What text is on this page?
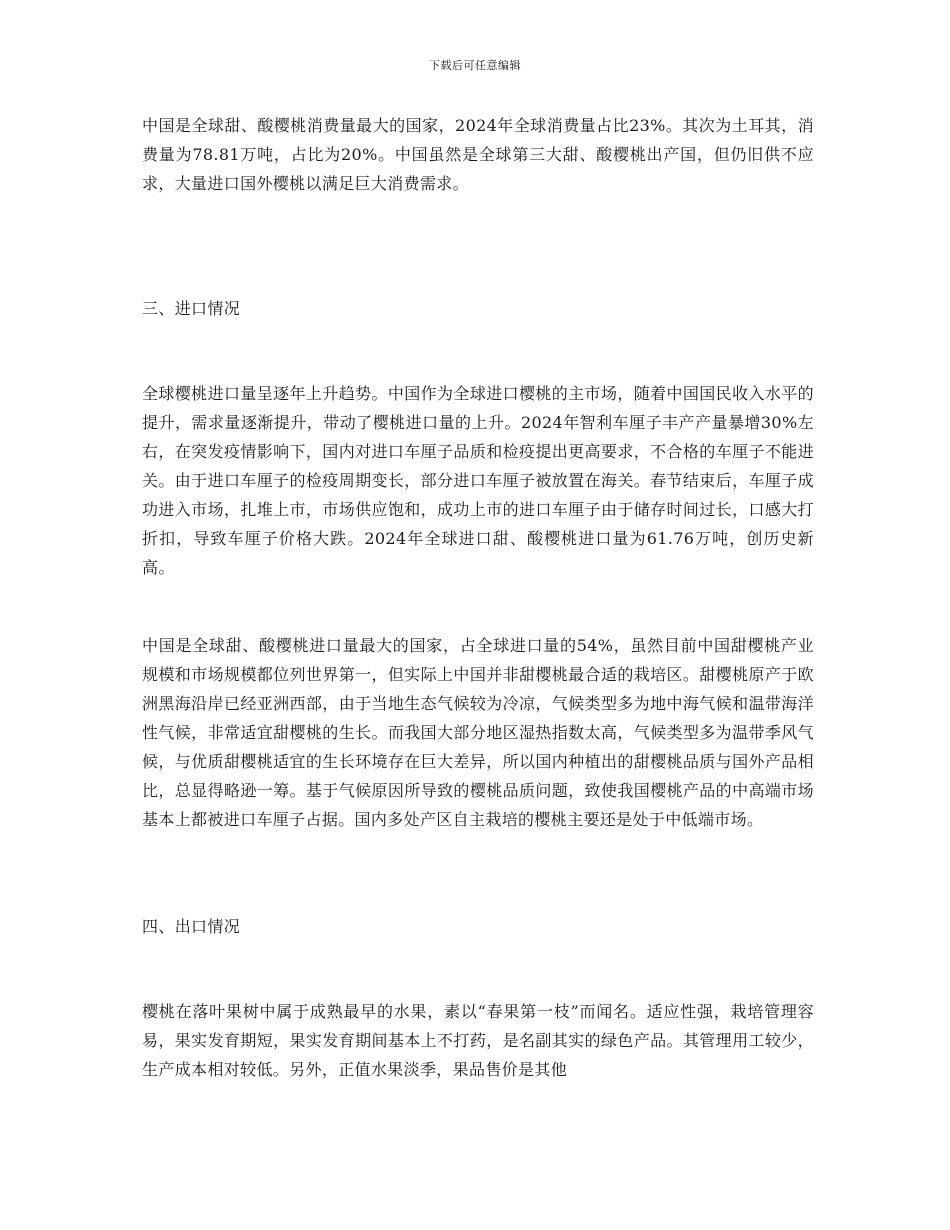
下载后可任意编辑

中国是全球甜、酸樱桃消费量最大的国家，2024年全球消费量占比23%。其次为土耳其，消费量为78.81万吨，占比为20%。中国虽然是全球第三大甜、酸樱桃出产国，但仍旧供不应求，大量进口国外樱桃以满足巨大消费需求。

三、进口情况

全球樱桃进口量呈逐年上升趋势。中国作为全球进口樱桃的主市场，随着中国国民收入水平的提升，需求量逐渐提升，带动了樱桃进口量的上升。2024年智利车厘子丰产产量暴增30%左右，在突发疫情影响下，国内对进口车厘子品质和检疫提出更高要求，不合格的车厘子不能进关。由于进口车厘子的检疫周期变长，部分进口车厘子被放置在海关。春节结束后，车厘子成功进入市场，扎堆上市，市场供应饱和，成功上市的进口车厘子由于储存时间过长，口感大打折扣，导致车厘子价格大跌。2024年全球进口甜、酸樱桃进口量为61.76万吨，创历史新高。

中国是全球甜、酸樱桃进口量最大的国家，占全球进口量的54%，虽然目前中国甜樱桃产业规模和市场规模都位列世界第一，但实际上中国并非甜樱桃最合适的栽培区。甜樱桃原产于欧洲黑海沿岸已经亚洲西部，由于当地生态气候较为冷凉，气候类型多为地中海气候和温带海洋性气候，非常适宜甜樱桃的生长。而我国大部分地区湿热指数太高，气候类型多为温带季风气候，与优质甜樱桃适宜的生长环境存在巨大差异，所以国内种植出的甜樱桃品质与国外产品相比，总显得略逊一筹。基于气候原因所导致的樱桃品质问题，致使我国樱桃产品的中高端市场基本上都被进口车厘子占据。国内多处产区自主栽培的樱桃主要还是处于中低端市场。

四、出口情况

樱桃在落叶果树中属于成熟最早的水果，素以“春果第一枝”而闻名。适应性强，栽培管理容易，果实发育期短，果实发育期间基本上不打药，是名副其实的绿色产品。其管理用工较少，生产成本相对较低。另外，正值水果淡季，果品售价是其他
